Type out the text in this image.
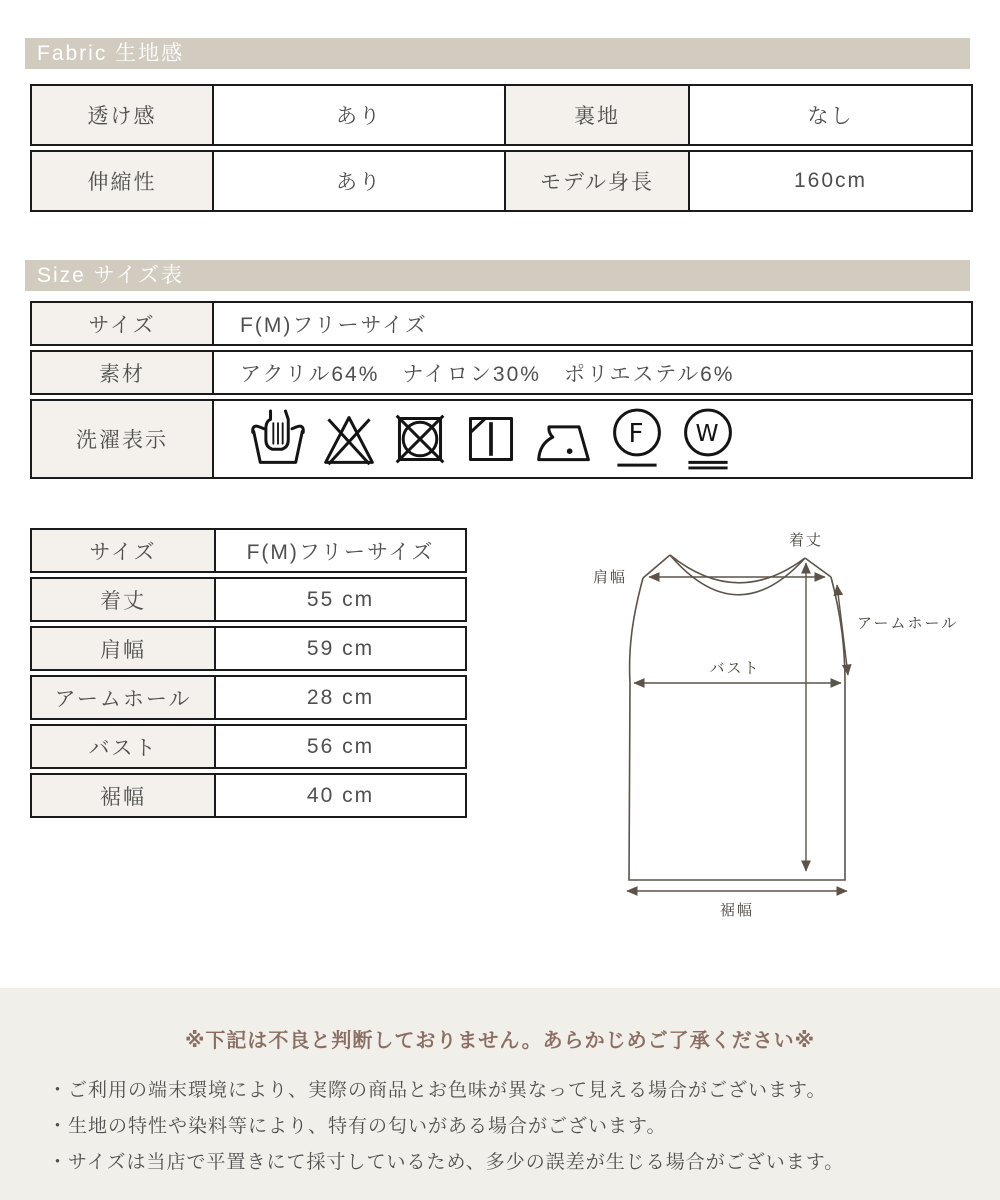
Fabric 生地感
透け感	あり	裏地	なし
伸縮性	あり	モデル身長	160cm
Size サイズ表
サイズ	F(M)フリーサイズ
素材	アクリル64%　ナイロン30%　ポリエステル6%
洗濯表示	F W
サイズ	F(M)フリーサイズ
着丈	55 cm
肩幅	59 cm
アームホール	28 cm
バスト	56 cm
裾幅	40 cm
肩幅
着丈
アームホール
バスト
裾幅
※下記は不良と判断しておりません。あらかじめご了承ください※
・ご利用の端末環境により、実際の商品とお色味が異なって見える場合がございます。
・生地の特性や染料等により、特有の匂いがある場合がございます。
・サイズは当店で平置きにて採寸しているため、多少の誤差が生じる場合がございます。
